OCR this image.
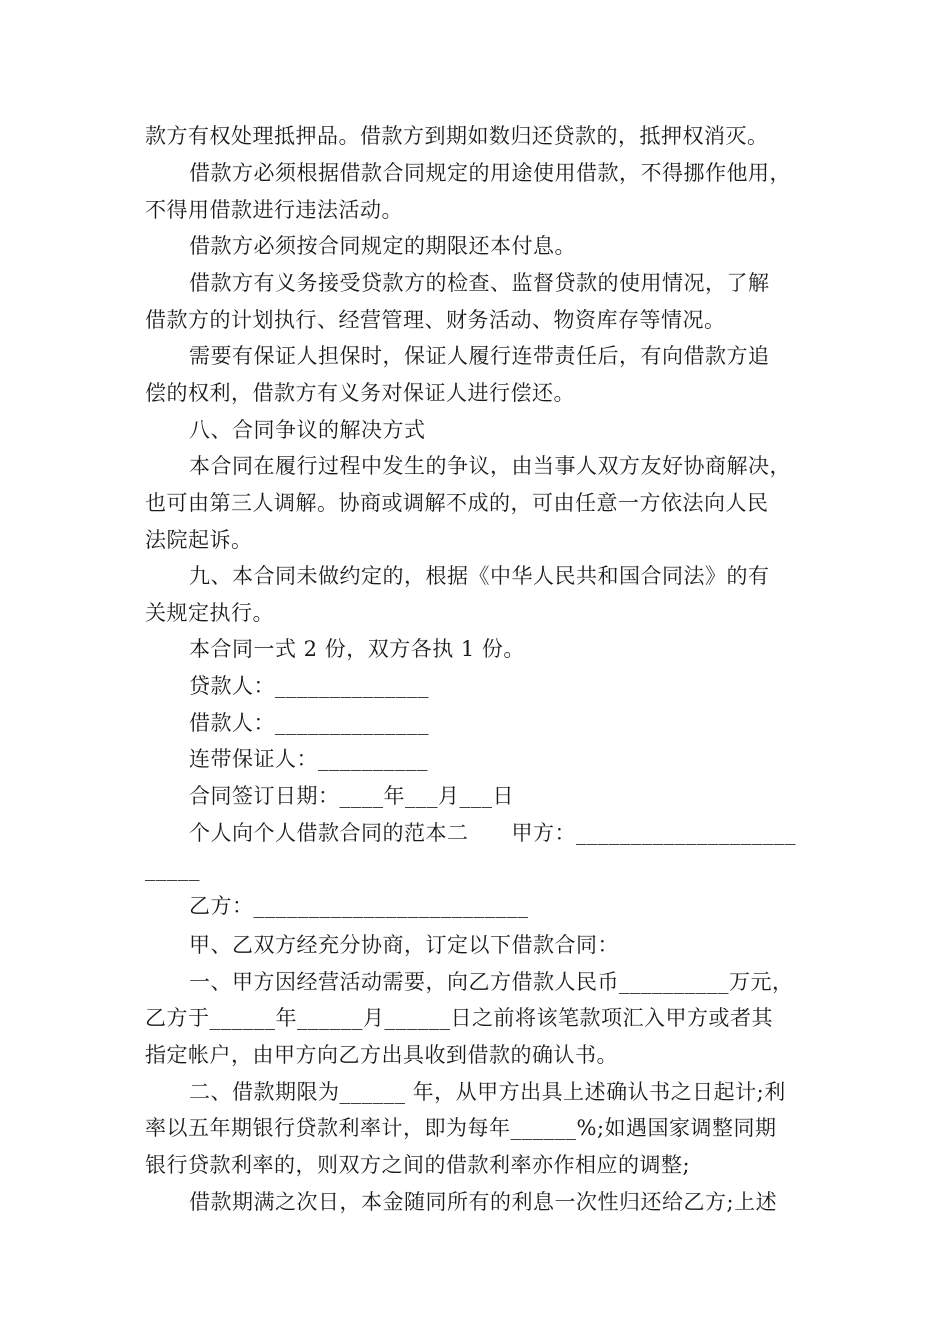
款方有权处理抵押品。借款方到期如数归还贷款的，抵押权消灭。
借款方必须根据借款合同规定的用途使用借款，不得挪作他用，
不得用借款进行违法活动。
借款方必须按合同规定的期限还本付息。
借款方有义务接受贷款方的检查、监督贷款的使用情况，了解
借款方的计划执行、经营管理、财务活动、物资库存等情况。
需要有保证人担保时，保证人履行连带责任后，有向借款方追
偿的权利，借款方有义务对保证人进行偿还。
八、合同争议的解决方式
本合同在履行过程中发生的争议，由当事人双方友好协商解决，
也可由第三人调解。协商或调解不成的，可由任意一方依法向人民
法院起诉。
九、本合同未做约定的，根据《中华人民共和国合同法》的有
关规定执行。
本合同一式 2 份，双方各执 1 份。
贷款人：______________
借款人：______________
连带保证人：__________
合同签订日期：____年___月___日
个人向个人借款合同的范本二　　甲方：____________________
_____
乙方：_________________________
甲、乙双方经充分协商，订定以下借款合同：
一、甲方因经营活动需要，向乙方借款人民币__________万元，
乙方于______年______月______日之前将该笔款项汇入甲方或者其
指定帐户，由甲方向乙方出具收到借款的确认书。
二、借款期限为______ 年，从甲方出具上述确认书之日起计;利
率以五年期银行贷款利率计，即为每年______%;如遇国家调整同期
银行贷款利率的，则双方之间的借款利率亦作相应的调整;
借款期满之次日，本金随同所有的利息一次性归还给乙方;上述
